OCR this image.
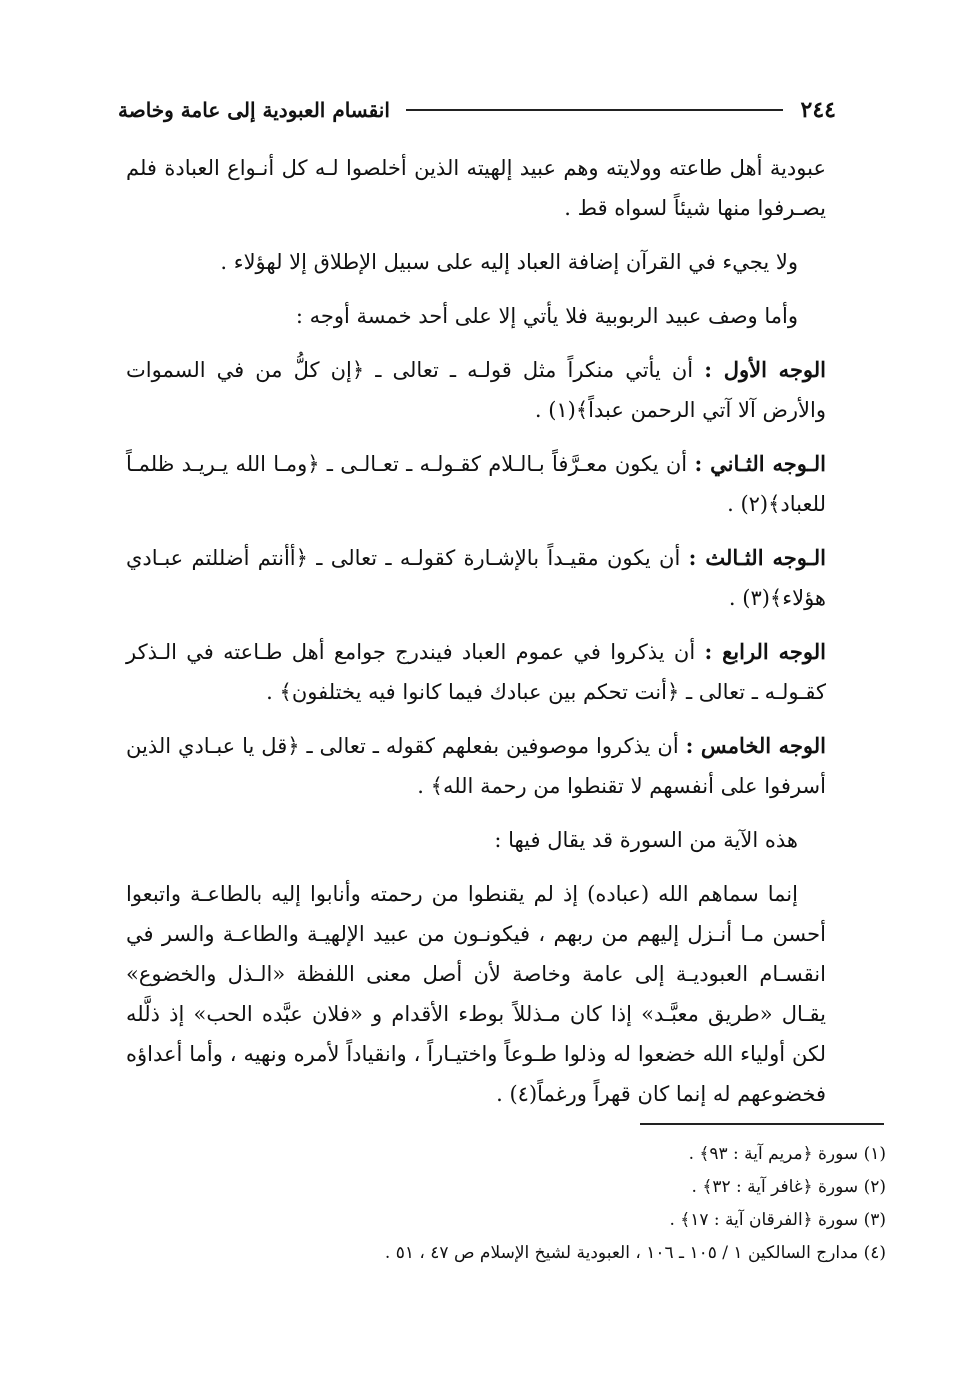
٢٤٤
انقسام العبودية إلى عامة وخاصة

عبودية أهل طاعته وولايته وهم عبيد إلهيته الذين أخلصوا لـه كل أنـواع العبادة فلم يصـرفوا منها شيئاً لسواه قط .

ولا يجيء في القرآن إضافة العباد إليه على سبيل الإطلاق إلا لهؤلاء .

وأما وصف عبيد الربوبية فلا يأتي إلا على أحد خمسة أوجه :

الوجه الأول : أن يأتي منكراً مثل قولـه ـ تعالى ـ ﴿إن كلُّ من في السموات والأرض آلا آتي الرحمن عبداً﴾(١) .

الـوجه الثـاني : أن يكون معـرَّفاً بـالـلام كقـولـه ـ تعـالـى ـ ﴿ومـا الله يـريـد ظلمـاً للعباد﴾(٢) .

الـوجه الثـالث : أن يكون مقيـداً بالإشـارة كقولـه ـ تعالى ـ ﴿أأنتم أضللتم عبـادي هؤلاء﴾(٣) .

الوجه الرابع : أن يذكروا في عموم العباد فيندرج جوامع أهل طـاعته في الـذكر كقـولـه ـ تعالى ـ ﴿أنت تحكم بين عبادك فيما كانوا فيه يختلفون﴾ .

الوجه الخامس : أن يذكروا موصوفين بفعلهم كقوله ـ تعالى ـ ﴿قل يا عبـادي الذين أسرفوا على أنفسهم لا تقنطوا من رحمة الله﴾ .

هذه الآية من السورة قد يقال فيها :

إنما سماهم الله (عباده) إذ لم يقنطوا من رحمته وأنابوا إليه بالطاعـة واتبعوا أحسن مـا أنـزل إليهم من ربهم ، فيكونـون من عبيد الإلهيـة والطاعـة والسر في انقسـام العبوديـة إلى عامة وخاصة لأن أصل معنى اللفظة «الـذل والخضوع» يقـال «طريق معبَّـد» إذا كان مـذللاً بوطء الأقدام و «فلان عبَّده الحب» إذ ذلَّله لكن أولياء الله خضعوا له وذلوا طـوعاً واختيـاراً ، وانقياداً لأمره ونهيه ، وأما أعداؤه فخضوعهم له إنما كان قهراً ورغماً(٤) .

(١) سورة ﴿مريم آية : ٩٣﴾ .

(٢) سورة ﴿غافر آية : ٣٢﴾ .

(٣) سورة ﴿الفرقان آية : ١٧﴾ .

(٤) مدارج السالكين ١ / ١٠٥ ـ ١٠٦ ، العبودية لشيخ الإسلام ص ٤٧ ، ٥١ .
